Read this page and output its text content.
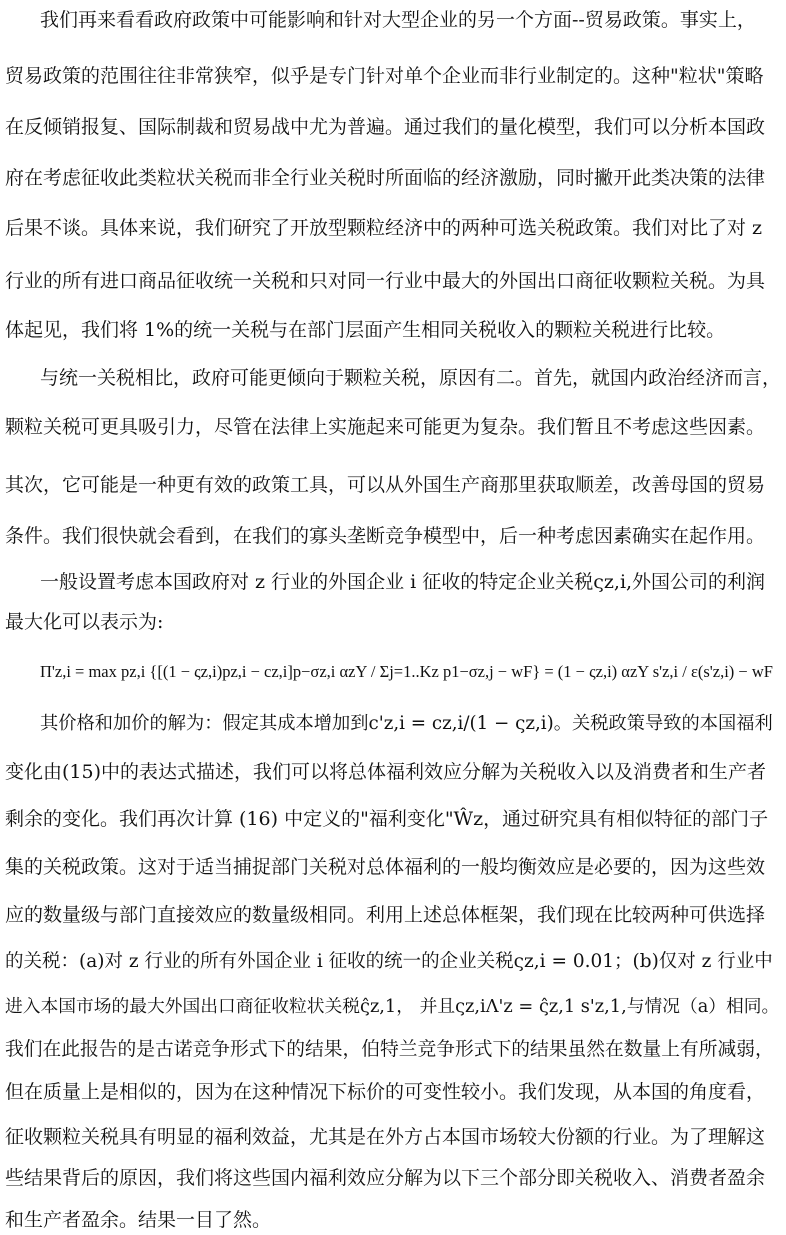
我们再来看看政府政策中可能影响和针对大型企业的另一个方面--贸易政策。事实上，
贸易政策的范围往往非常狭窄，似乎是专门针对单个企业而非行业制定的。这种"粒状"策略
在反倾销报复、国际制裁和贸易战中尤为普遍。通过我们的量化模型，我们可以分析本国政
府在考虑征收此类粒状关税而非全行业关税时所面临的经济激励，同时撇开此类决策的法律
后果不谈。具体来说，我们研究了开放型颗粒经济中的两种可选关税政策。我们对比了对 z
行业的所有进口商品征收统一关税和只对同一行业中最大的外国出口商征收颗粒关税。为具
体起见，我们将 1%的统一关税与在部门层面产生相同关税收入的颗粒关税进行比较。
与统一关税相比，政府可能更倾向于颗粒关税，原因有二。首先，就国内政治经济而言，
颗粒关税可更具吸引力，尽管在法律上实施起来可能更为复杂。我们暂且不考虑这些因素。
其次，它可能是一种更有效的政策工具，可以从外国生产商那里获取顺差，改善母国的贸易
条件。我们很快就会看到，在我们的寡头垄断竞争模型中，后一种考虑因素确实在起作用。
一般设置考虑本国政府对 z 行业的外国企业 i 征收的特定企业关税ςz,i,外国公司的利润
最大化可以表示为:
Π'z,i = max pz,i {[(1 − ςz,i)pz,i − cz,i]p−σz,i αzY / Σj=1..Kz p1−σz,j − wF} = (1 − ςz,i) αzY s'z,i / ε(s'z,i) − wF
其价格和加价的解为：假定其成本增加到c'z,i = cz,i/(1 − ςz,i)。关税政策导致的本国福利
变化由(15)中的表达式描述，我们可以将总体福利效应分解为关税收入以及消费者和生产者
剩余的变化。我们再次计算 (16) 中定义的"福利变化"Ŵz，通过研究具有相似特征的部门子
集的关税政策。这对于适当捕捉部门关税对总体福利的一般均衡效应是必要的，因为这些效
应的数量级与部门直接效应的数量级相同。利用上述总体框架，我们现在比较两种可供选择
的关税：(a)对 z 行业的所有外国企业 i 征收的统一的企业关税ςz,i = 0.01；(b)仅对 z 行业中
进入本国市场的最大外国出口商征收粒状关税ς̂z,1， 并且ςz,iΛ'z = ς̂z,1 s'z,1,与情况（a）相同。
我们在此报告的是古诺竞争形式下的结果，伯特兰竞争形式下的结果虽然在数量上有所减弱，
但在质量上是相似的，因为在这种情况下标价的可变性较小。我们发现，从本国的角度看，
征收颗粒关税具有明显的福利效益，尤其是在外方占本国市场较大份额的行业。为了理解这
些结果背后的原因，我们将这些国内福利效应分解为以下三个部分即关税收入、消费者盈余
和生产者盈余。结果一目了然。
